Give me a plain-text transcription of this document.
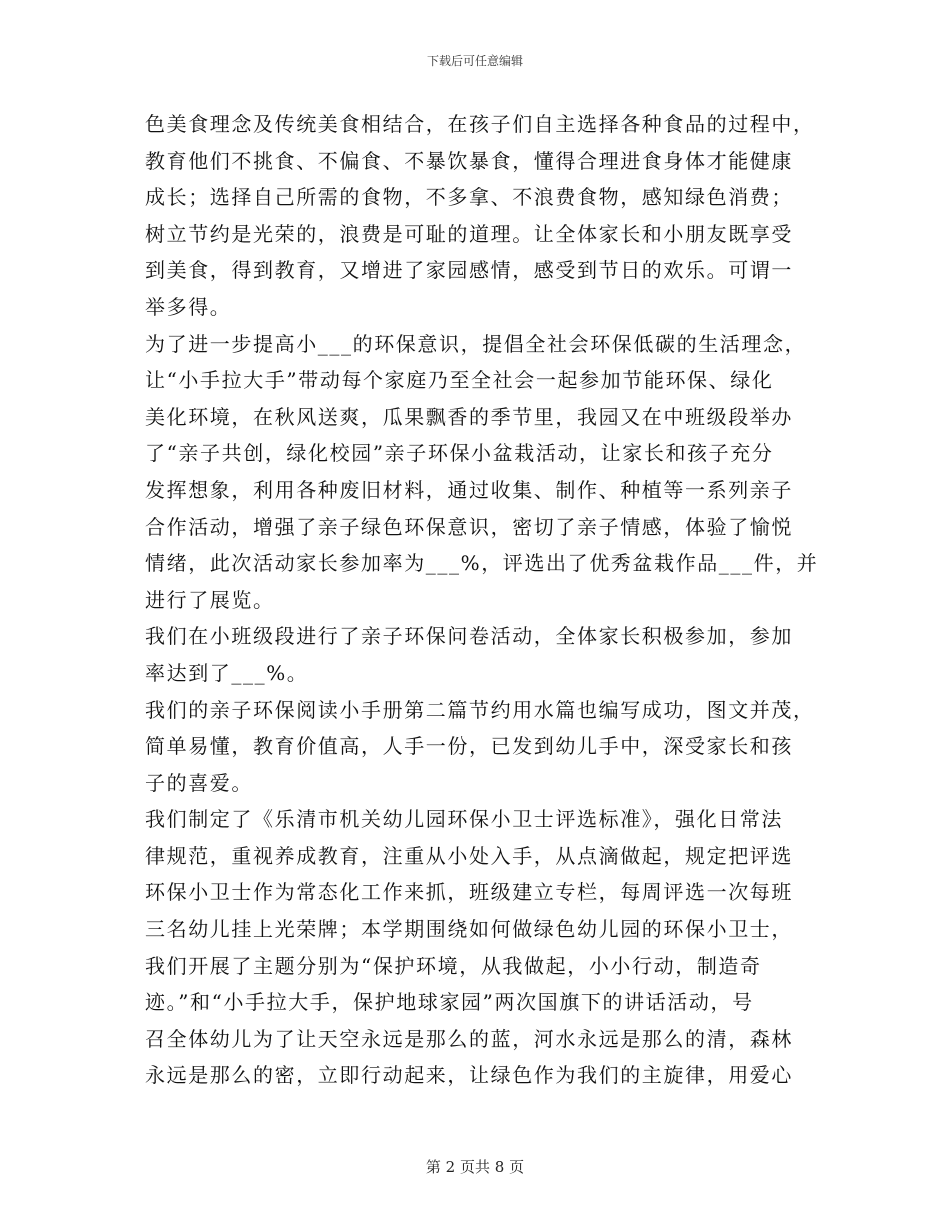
下载后可任意编辑
色美食理念及传统美食相结合，在孩子们自主选择各种食品的过程中，
教育他们不挑食、不偏食、不暴饮暴食，懂得合理进食身体才能健康
成长；选择自己所需的食物，不多拿、不浪费食物，感知绿色消费；
树立节约是光荣的，浪费是可耻的道理。让全体家长和小朋友既享受
到美食，得到教育，又增进了家园感情，感受到节日的欢乐。可谓一
举多得。
为了进一步提高小___的环保意识，提倡全社会环保低碳的生活理念，
让“小手拉大手”带动每个家庭乃至全社会一起参加节能环保、绿化
美化环境，在秋风送爽，瓜果飘香的季节里，我园又在中班级段举办
了“亲子共创，绿化校园”亲子环保小盆栽活动，让家长和孩子充分
发挥想象，利用各种废旧材料，通过收集、制作、种植等一系列亲子
合作活动，增强了亲子绿色环保意识，密切了亲子情感，体验了愉悦
情绪，此次活动家长参加率为___%，评选出了优秀盆栽作品___件，并
进行了展览。
我们在小班级段进行了亲子环保问卷活动，全体家长积极参加，参加
率达到了___%。
我们的亲子环保阅读小手册第二篇节约用水篇也编写成功，图文并茂，
简单易懂，教育价值高，人手一份，已发到幼儿手中，深受家长和孩
子的喜爱。
我们制定了《乐清市机关幼儿园环保小卫士评选标准》，强化日常法
律规范，重视养成教育，注重从小处入手，从点滴做起，规定把评选
环保小卫士作为常态化工作来抓，班级建立专栏，每周评选一次每班
三名幼儿挂上光荣牌；本学期围绕如何做绿色幼儿园的环保小卫士，
我们开展了主题分别为“保护环境，从我做起，小小行动，制造奇
迹。”和“小手拉大手，保护地球家园”两次国旗下的讲话活动，号
召全体幼儿为了让天空永远是那么的蓝，河水永远是那么的清，森林
永远是那么的密，立即行动起来，让绿色作为我们的主旋律，用爱心
第 2 页共 8 页
